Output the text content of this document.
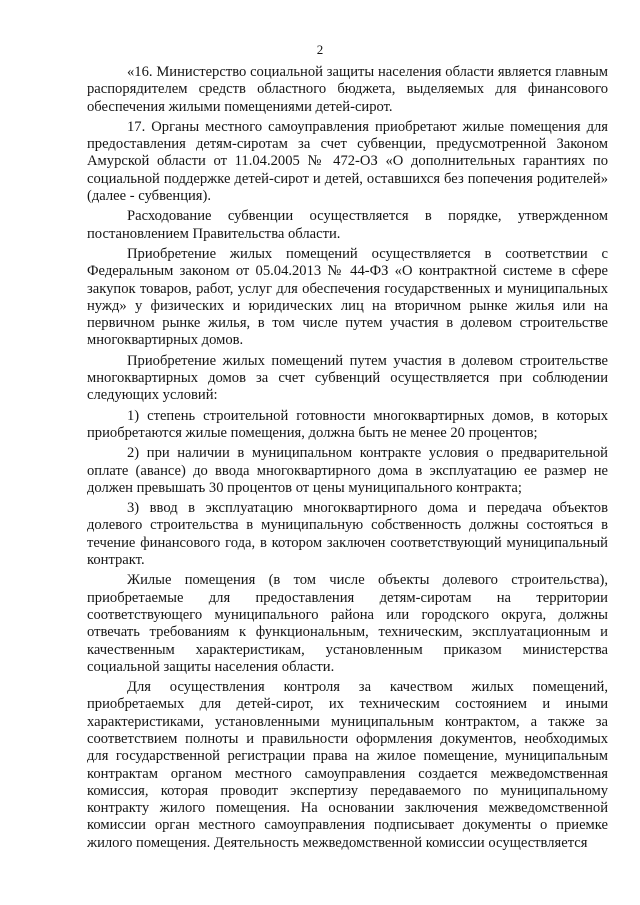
2

«16. Министерство социальной защиты населения области является главным распорядителем средств областного бюджета, выделяемых для финансового обеспечения жилыми помещениями детей-сирот.

17. Органы местного самоуправления приобретают жилые помещения для предоставления детям-сиротам за счет субвенции, предусмотренной Законом Амурской области от 11.04.2005 № 472-ОЗ «О дополнительных гарантиях по социальной поддержке детей-сирот и детей, оставшихся без попечения родителей» (далее - субвенция).

Расходование субвенции осуществляется в порядке, утвержденном постановлением Правительства области.

Приобретение жилых помещений осуществляется в соответствии с Федеральным законом от 05.04.2013 № 44-ФЗ «О контрактной системе в сфере закупок товаров, работ, услуг для обеспечения государственных и муниципальных нужд» у физических и юридических лиц на вторичном рынке жилья или на первичном рынке жилья, в том числе путем участия в долевом строительстве многоквартирных домов.

Приобретение жилых помещений путем участия в долевом строительстве многоквартирных домов за счет субвенций осуществляется при соблюдении следующих условий:

1) степень строительной готовности многоквартирных домов, в которых приобретаются жилые помещения, должна быть не менее 20 процентов;

2) при наличии в муниципальном контракте условия о предварительной оплате (авансе) до ввода многоквартирного дома в эксплуатацию ее размер не должен превышать 30 процентов от цены муниципального контракта;

3) ввод в эксплуатацию многоквартирного дома и передача объектов долевого строительства в муниципальную собственность должны состояться в течение финансового года, в котором заключен соответствующий муниципальный контракт.

Жилые помещения (в том числе объекты долевого строительства), приобретаемые для предоставления детям-сиротам на территории соответствующего муниципального района или городского округа, должны отвечать требованиям к функциональным, техническим, эксплуатационным и качественным характеристикам, установленным приказом министерства социальной защиты населения области.

Для осуществления контроля за качеством жилых помещений, приобретаемых для детей-сирот, их техническим состоянием и иными характеристиками, установленными муниципальным контрактом, а также за соответствием полноты и правильности оформления документов, необходимых для государственной регистрации права на жилое помещение, муниципальным контрактам органом местного самоуправления создается межведомственная комиссия, которая проводит экспертизу передаваемого по муниципальному контракту жилого помещения. На основании заключения межведомственной комиссии орган местного самоуправления подписывает документы о приемке жилого помещения. Деятельность межведомственной комиссии осуществляется
